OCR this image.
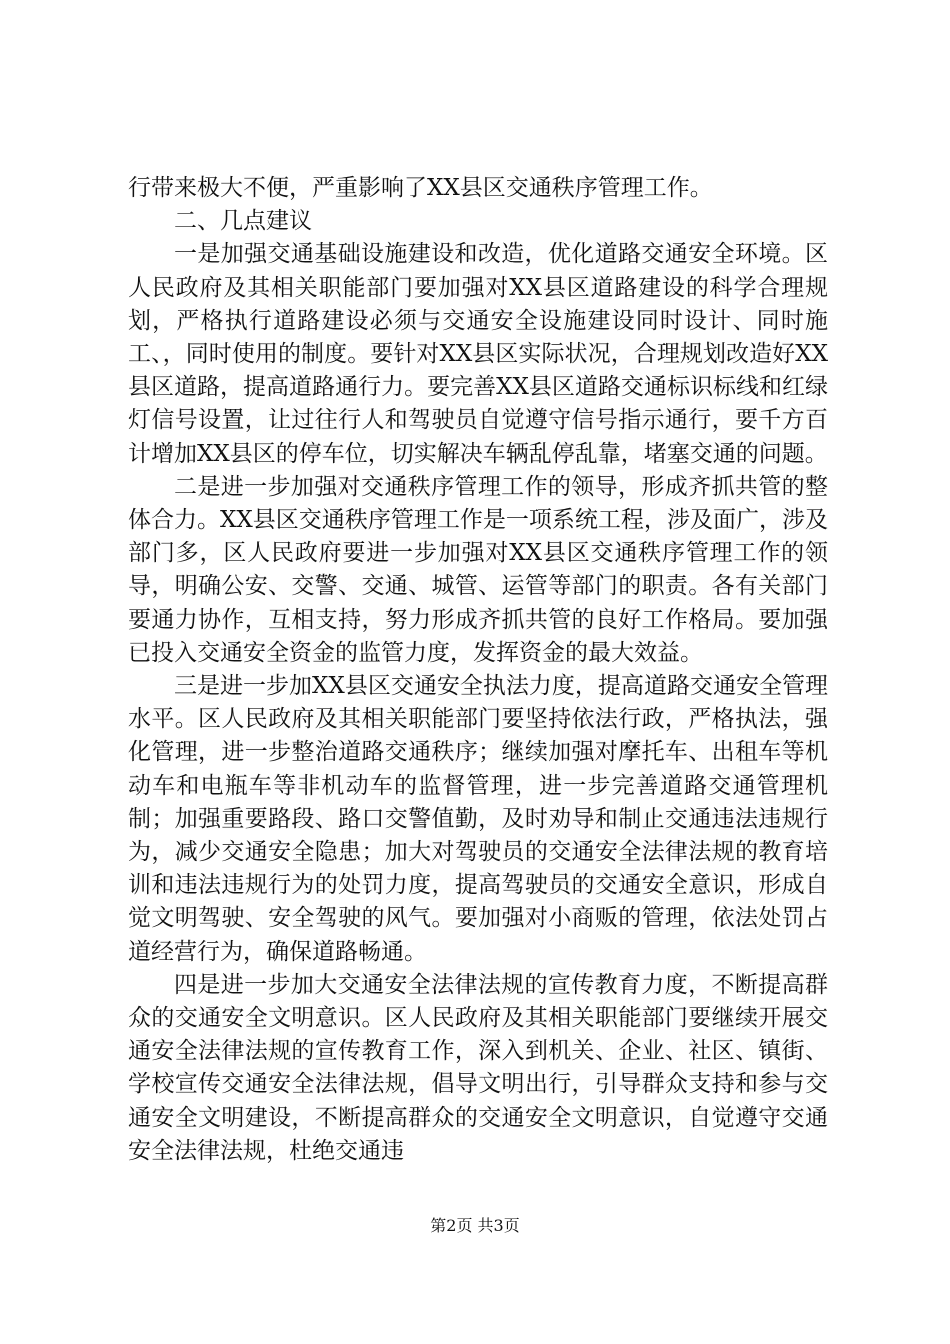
行带来极大不便，严重影响了XX县区交通秩序管理工作。

二、几点建议

一是加强交通基础设施建设和改造，优化道路交通安全环境。区人民政府及其相关职能部门要加强对XX县区道路建设的科学合理规划，严格执行道路建设必须与交通安全设施建设同时设计、同时施工、，同时使用的制度。要针对XX县区实际状况，合理规划改造好XX县区道路，提高道路通行力。要完善XX县区道路交通标识标线和红绿灯信号设置，让过往行人和驾驶员自觉遵守信号指示通行，要千方百计增加XX县区的停车位，切实解决车辆乱停乱靠，堵塞交通的问题。

二是进一步加强对交通秩序管理工作的领导，形成齐抓共管的整体合力。XX县区交通秩序管理工作是一项系统工程，涉及面广，涉及部门多，区人民政府要进一步加强对XX县区交通秩序管理工作的领导，明确公安、交警、交通、城管、运管等部门的职责。各有关部门要通力协作，互相支持，努力形成齐抓共管的良好工作格局。要加强已投入交通安全资金的监管力度，发挥资金的最大效益。

三是进一步加XX县区交通安全执法力度，提高道路交通安全管理水平。区人民政府及其相关职能部门要坚持依法行政，严格执法，强化管理，进一步整治道路交通秩序；继续加强对摩托车、出租车等机动车和电瓶车等非机动车的监督管理，进一步完善道路交通管理机制；加强重要路段、路口交警值勤，及时劝导和制止交通违法违规行为，减少交通安全隐患；加大对驾驶员的交通安全法律法规的教育培训和违法违规行为的处罚力度，提高驾驶员的交通安全意识，形成自觉文明驾驶、安全驾驶的风气。要加强对小商贩的管理，依法处罚占道经营行为，确保道路畅通。

四是进一步加大交通安全法律法规的宣传教育力度，不断提高群众的交通安全文明意识。区人民政府及其相关职能部门要继续开展交通安全法律法规的宣传教育工作，深入到机关、企业、社区、镇街、学校宣传交通安全法律法规，倡导文明出行，引导群众支持和参与交通安全文明建设，不断提高群众的交通安全文明意识，自觉遵守交通安全法律法规，杜绝交通违

第2页 共3页
